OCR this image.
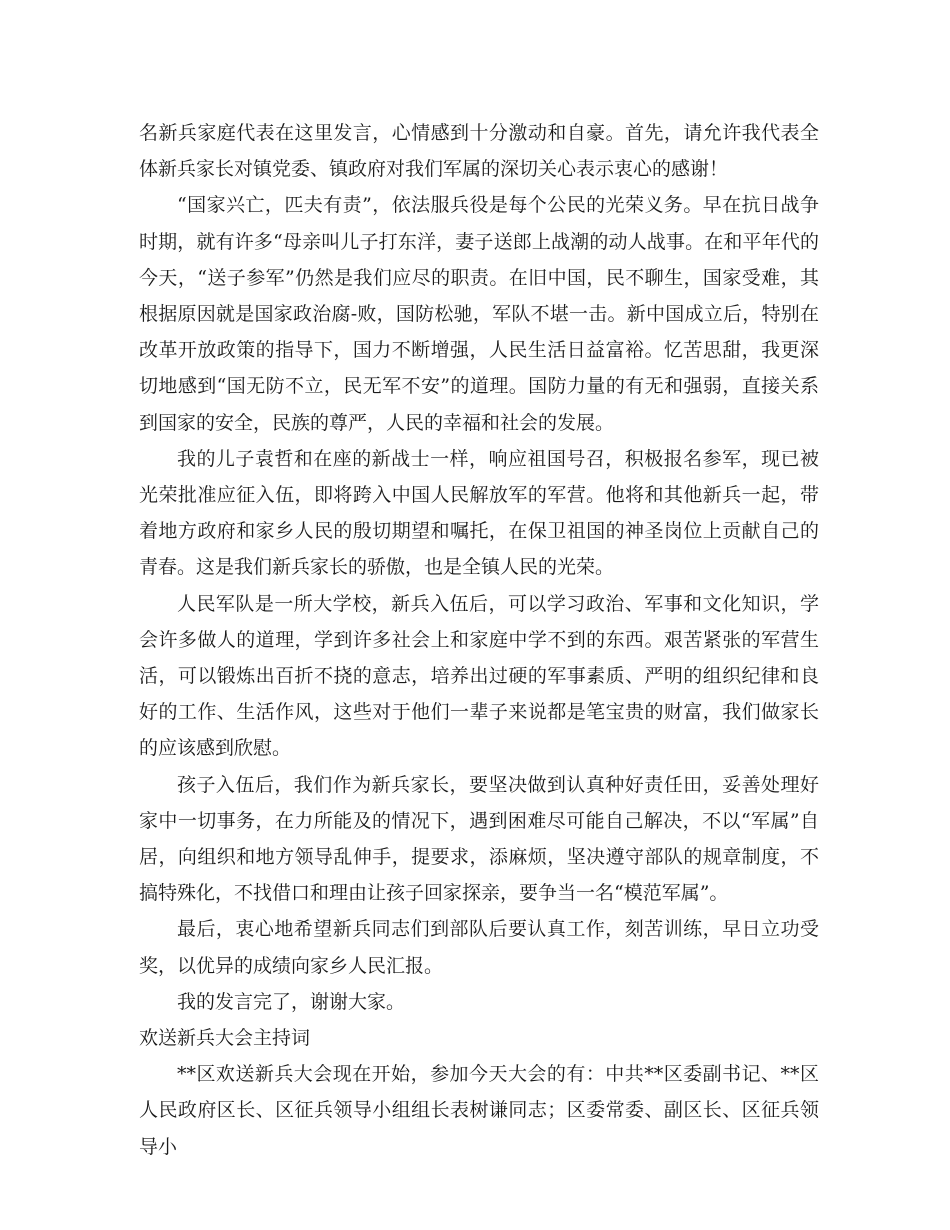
名新兵家庭代表在这里发言，心情感到十分激动和自豪。首先，请允许我代表全体新兵家长对镇党委、镇政府对我们军属的深切关心表示衷心的感谢！

“国家兴亡，匹夫有责”，依法服兵役是每个公民的光荣义务。早在抗日战争时期，就有许多“母亲叫儿子打东洋，妻子送郎上战潮的动人战事。在和平年代的今天，“送子参军”仍然是我们应尽的职责。在旧中国，民不聊生，国家受难，其根据原因就是国家政治腐-败，国防松驰，军队不堪一击。新中国成立后，特别在改革开放政策的指导下，国力不断增强，人民生活日益富裕。忆苦思甜，我更深切地感到“国无防不立，民无军不安”的道理。国防力量的有无和强弱，直接关系到国家的安全，民族的尊严，人民的幸福和社会的发展。

我的儿子袁哲和在座的新战士一样，响应祖国号召，积极报名参军，现已被光荣批准应征入伍，即将跨入中国人民解放军的军营。他将和其他新兵一起，带着地方政府和家乡人民的殷切期望和嘱托，在保卫祖国的神圣岗位上贡献自己的青春。这是我们新兵家长的骄傲，也是全镇人民的光荣。

人民军队是一所大学校，新兵入伍后，可以学习政治、军事和文化知识，学会许多做人的道理，学到许多社会上和家庭中学不到的东西。艰苦紧张的军营生活，可以锻炼出百折不挠的意志，培养出过硬的军事素质、严明的组织纪律和良好的工作、生活作风，这些对于他们一辈子来说都是笔宝贵的财富，我们做家长的应该感到欣慰。

孩子入伍后，我们作为新兵家长，要坚决做到认真种好责任田，妥善处理好家中一切事务，在力所能及的情况下，遇到困难尽可能自己解决，不以“军属”自居，向组织和地方领导乱伸手，提要求，添麻烦，坚决遵守部队的规章制度，不搞特殊化，不找借口和理由让孩子回家探亲，要争当一名“模范军属”。

最后，衷心地希望新兵同志们到部队后要认真工作，刻苦训练，早日立功受奖，以优异的成绩向家乡人民汇报。

我的发言完了，谢谢大家。

欢送新兵大会主持词

**区欢送新兵大会现在开始，参加今天大会的有：中共**区委副书记、**区人民政府区长、区征兵领导小组组长表树谦同志；区委常委、副区长、区征兵领导小
